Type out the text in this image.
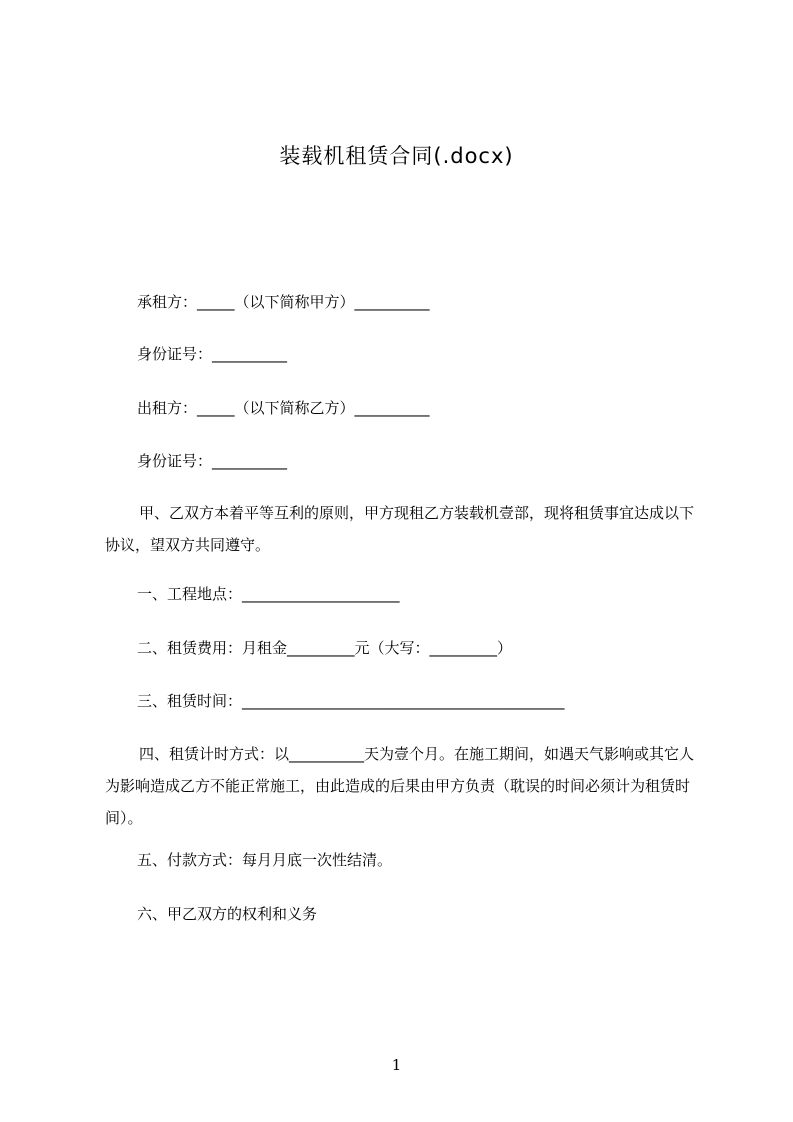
装载机租赁合同(.docx)
承租方：_____（以下简称甲方）__________
身份证号：__________
出租方：_____（以下简称乙方）__________
身份证号：__________
甲、乙双方本着平等互利的原则，甲方现租乙方装载机壹部，现将租赁事宜达成以下协议，望双方共同遵守。
一、工程地点：_____________________
二、租赁费用：月租金_________元（大写：_________）
三、租赁时间：___________________________________________
四、租赁计时方式：以__________天为壹个月。在施工期间，如遇天气影响或其它人为影响造成乙方不能正常施工，由此造成的后果由甲方负责（耽误的时间必须计为租赁时间）。
五、付款方式：每月月底一次性结清。
六、甲乙双方的权利和义务
1
